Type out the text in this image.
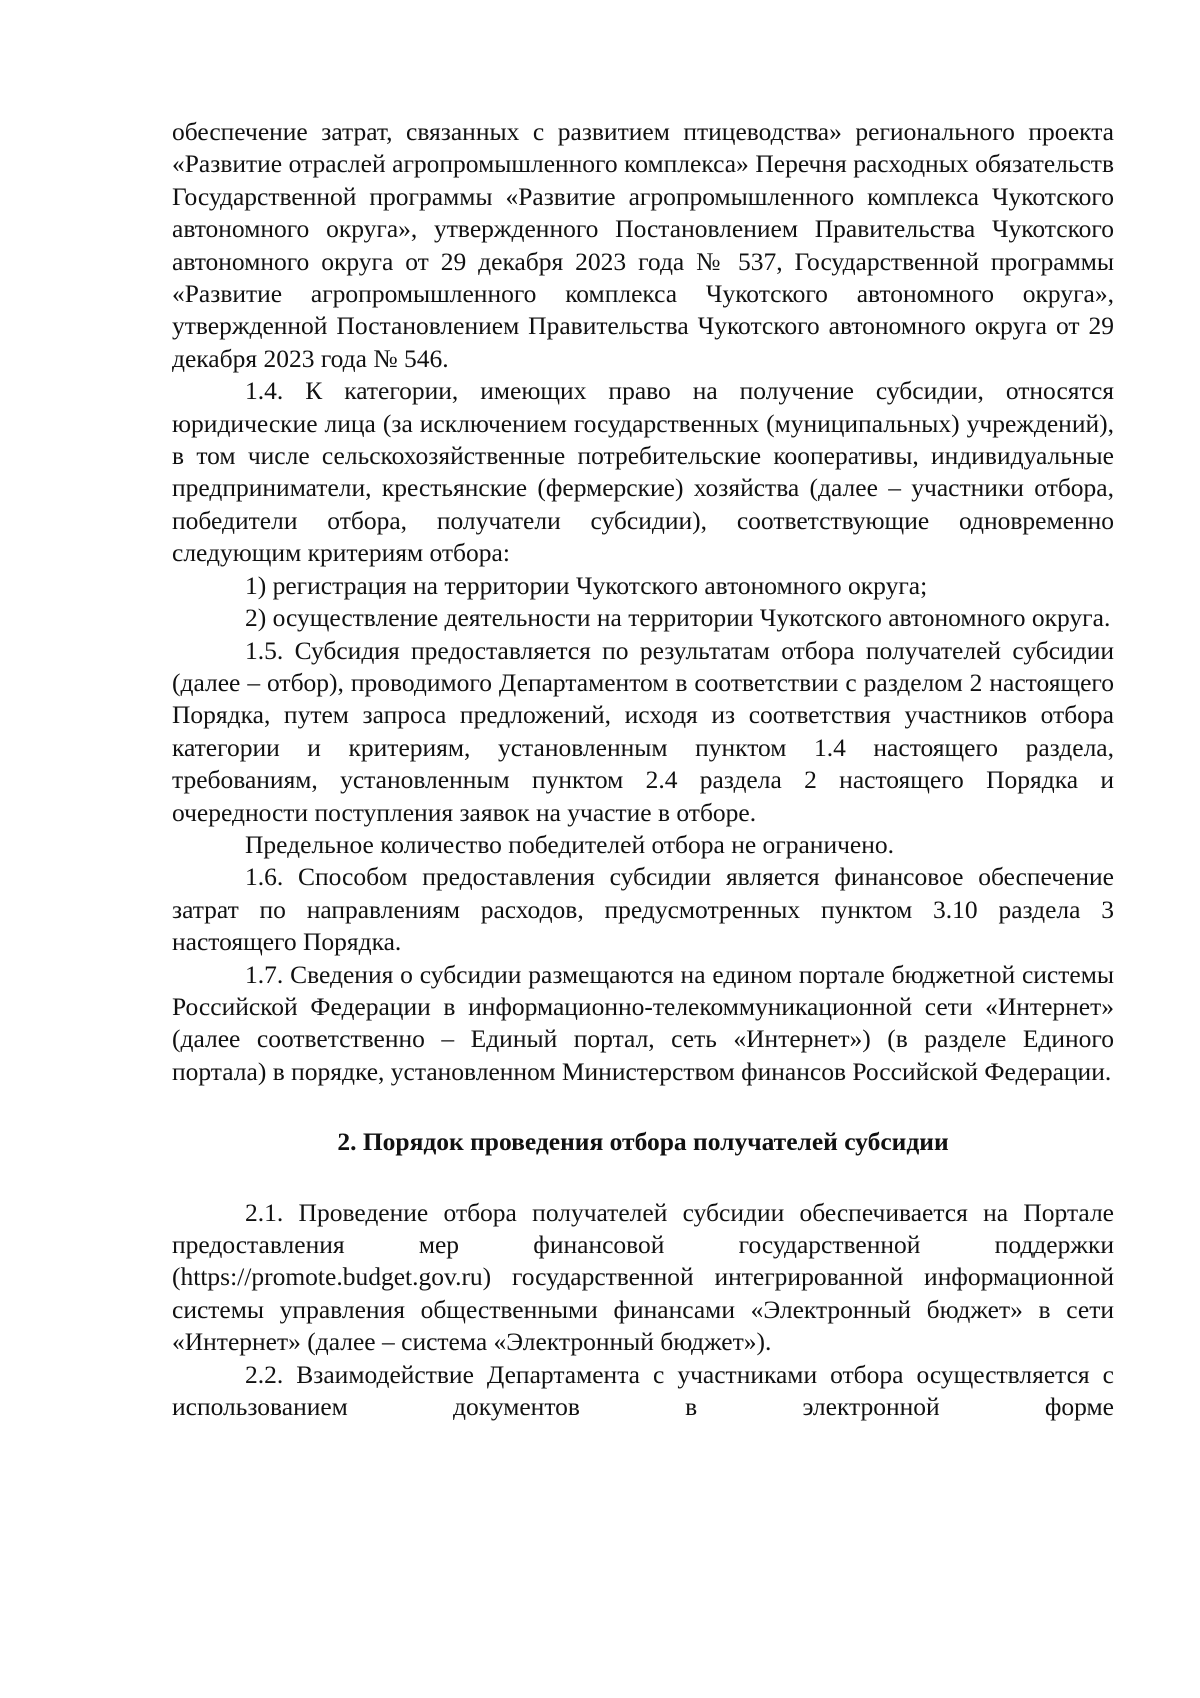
обеспечение затрат, связанных с развитием птицеводства» регионального проекта «Развитие отраслей агропромышленного комплекса» Перечня расходных обязательств Государственной программы «Развитие агропромышленного комплекса Чукотского автономного округа», утвержденного Постановлением Правительства Чукотского автономного округа от 29 декабря 2023 года № 537, Государственной программы «Развитие агропромышленного комплекса Чукотского автономного округа», утвержденной Постановлением Правительства Чукотского автономного округа от 29 декабря 2023 года № 546.

1.4. К категории, имеющих право на получение субсидии, относятся юридические лица (за исключением государственных (муниципальных) учреждений), в том числе сельскохозяйственные потребительские кооперативы, индивидуальные предприниматели, крестьянские (фермерские) хозяйства (далее – участники отбора, победители отбора, получатели субсидии), соответствующие одновременно следующим критериям отбора:

1) регистрация на территории Чукотского автономного округа;

2) осуществление деятельности на территории Чукотского автономного округа.

1.5. Субсидия предоставляется по результатам отбора получателей субсидии (далее – отбор), проводимого Департаментом в соответствии с разделом 2 настоящего Порядка, путем запроса предложений, исходя из соответствия участников отбора категории и критериям, установленным пунктом 1.4 настоящего раздела, требованиям, установленным пунктом 2.4 раздела 2 настоящего Порядка и очередности поступления заявок на участие в отборе.

Предельное количество победителей отбора не ограничено.

1.6. Способом предоставления субсидии является финансовое обеспечение затрат по направлениям расходов, предусмотренных пунктом 3.10 раздела 3 настоящего Порядка.

1.7. Сведения о субсидии размещаются на едином портале бюджетной системы Российской Федерации в информационно-телекоммуникационной сети «Интернет» (далее соответственно – Единый портал, сеть «Интернет») (в разделе Единого портала) в порядке, установленном Министерством финансов Российской Федерации.

2. Порядок проведения отбора получателей субсидии

2.1. Проведение отбора получателей субсидии обеспечивается на Портале предоставления мер финансовой государственной поддержки (https://promote.budget.gov.ru) государственной интегрированной информационной системы управления общественными финансами «Электронный бюджет» в сети «Интернет» (далее – система «Электронный бюджет»).

2.2. Взаимодействие Департамента с участниками отбора осуществляется с использованием документов в электронной форме
